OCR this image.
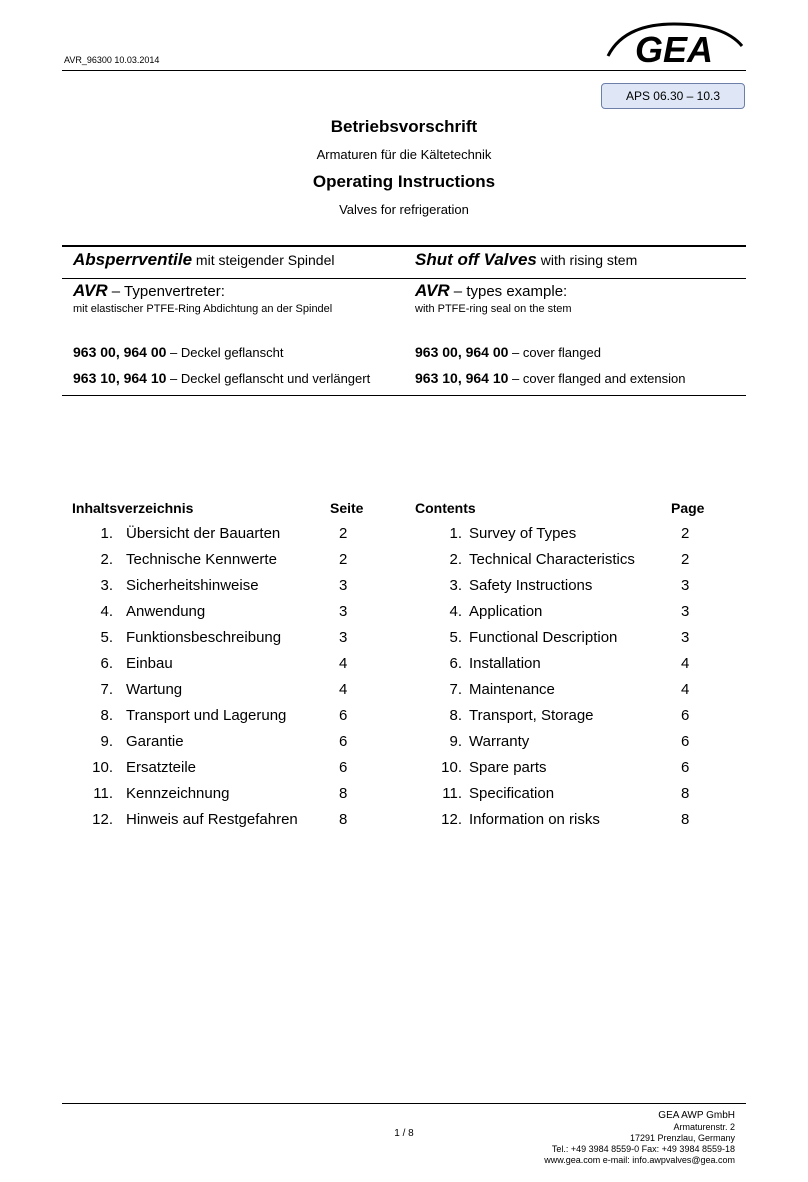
AVR_96300 10.03.2014	GEA
APS 06.30 – 10.3
Betriebsvorschrift
Armaturen für die Kältetechnik
Operating Instructions
Valves for refrigeration
Absperrventile mit steigender Spindel	Shut off Valves with rising stem
AVR – Typenvertreter:
mit elastischer PTFE-Ring Abdichtung an der Spindel
AVR – types example:
with PTFE-ring seal on the stem
963 00, 964 00 – Deckel geflanscht	963 00, 964 00 – cover flanged
963 10, 964 10 – Deckel geflanscht und verlängert	963 10, 964 10 – cover flanged and extension
Inhaltsverzeichnis	Seite	Contents	Page
1. Übersicht der Bauarten	2
2. Technische Kennwerte	2
3. Sicherheitshinweise	3
4. Anwendung	3
5. Funktionsbeschreibung	3
6. Einbau	4
7. Wartung	4
8. Transport und Lagerung	6
9. Garantie	6
10. Ersatzteile	6
11. Kennzeichnung	8
12. Hinweis auf Restgefahren	8
1. Survey of Types	2
2. Technical Characteristics	2
3. Safety Instructions	3
4. Application	3
5. Functional Description	3
6. Installation	4
7. Maintenance	4
8. Transport, Storage	6
9. Warranty	6
10. Spare parts	6
11. Specification	8
12. Information on risks	8
1 / 8
GEA AWP GmbH
Armaturenstr. 2
17291 Prenzlau, Germany
Tel.: +49 3984 8559-0 Fax: +49 3984 8559-18
www.gea.com e-mail: info.awpvalves@gea.com
